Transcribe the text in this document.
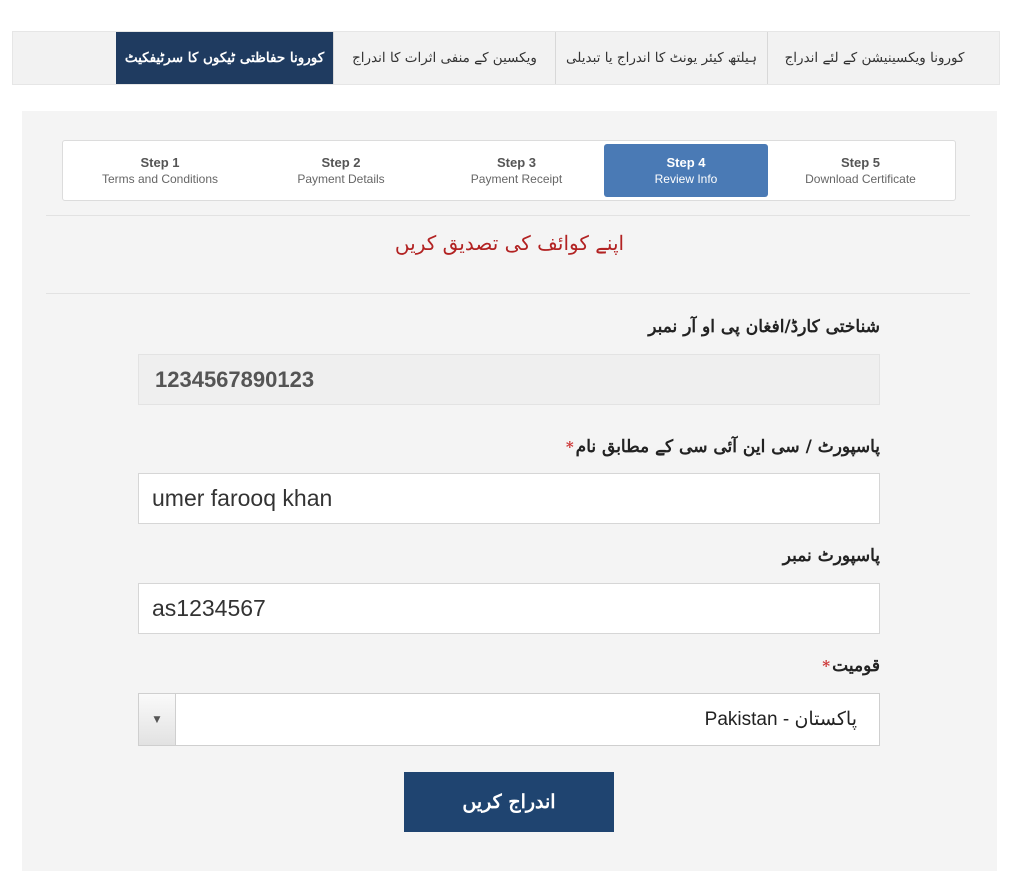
کورونا حفاظتی ٹیکوں کا سرٹیفکیٹ	ویکسین کے منفی اثرات کا اندراج	ہیلتھ کیئر یونٹ کا اندراج یا تبدیلی	کورونا ویکسینیشن کے لئے اندراج
Step 1
Terms and Conditions
Step 2
Payment Details
Step 3
Payment Receipt
Step 4
Review Info
Step 5
Download Certificate
اپنے کوائف کی تصدیق کریں
شناختی کارڈ/افغان پی او آر نمبر
1234567890123
پاسپورٹ / سی این آئی سی کے مطابق نام*
umer farooq khan
پاسپورٹ نمبر
as1234567
قومیت*
▼	Pakistan - پاکستان
اندراج کریں
